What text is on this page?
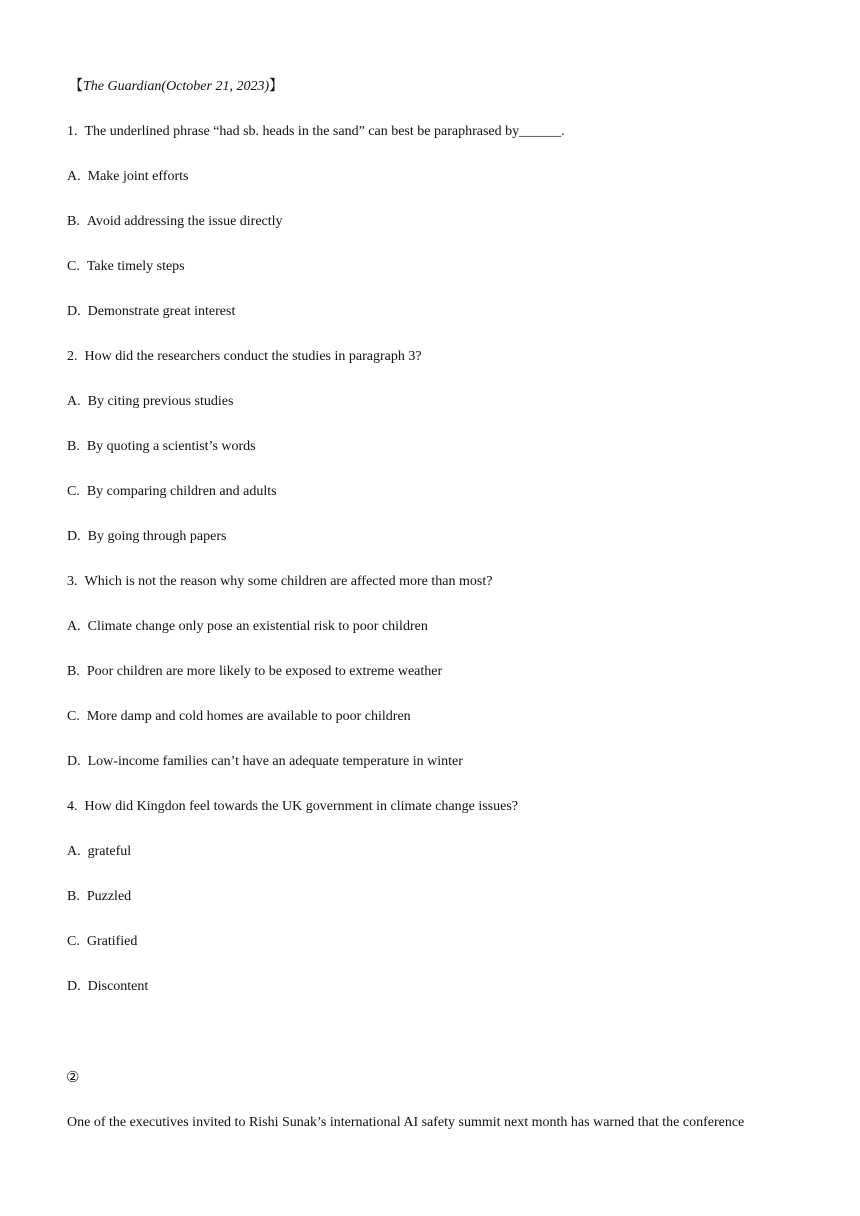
【The Guardian(October 21, 2023)】
1. The underlined phrase “had sb. heads in the sand” can best be paraphrased by______.
A. Make joint efforts
B. Avoid addressing the issue directly
C. Take timely steps
D. Demonstrate great interest
2. How did the researchers conduct the studies in paragraph 3?
A. By citing previous studies
B. By quoting a scientist’s words
C. By comparing children and adults
D. By going through papers
3. Which is not the reason why some children are affected more than most?
A. Climate change only pose an existential risk to poor children
B. Poor children are more likely to be exposed to extreme weather
C. More damp and cold homes are available to poor children
D. Low-income families can’t have an adequate temperature in winter
4. How did Kingdon feel towards the UK government in climate change issues?
A. grateful
B. Puzzled
C. Gratified
D. Discontent
②
One of the executives invited to Rishi Sunak’s international AI safety summit next month has warned that the conference
